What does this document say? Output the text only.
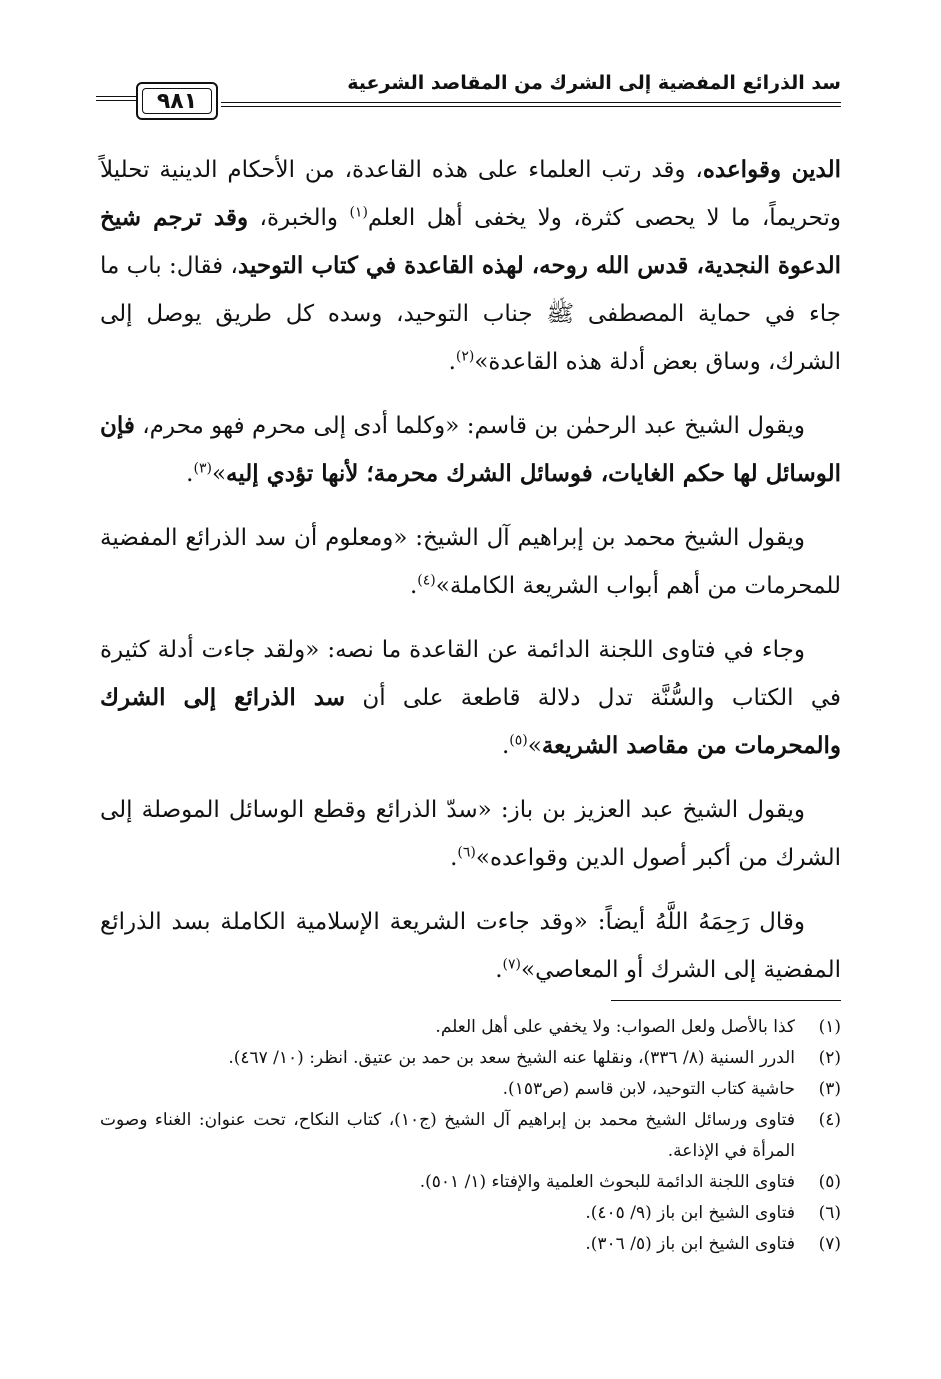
سد الذرائع المفضية إلى الشرك من المقاصد الشرعية
٩٨١

الدين وقواعده، وقد رتب العلماء على هذه القاعدة، من الأحكام الدينية تحليلاً وتحريماً، ما لا يحصى كثرة، ولا يخفى أهل العلم$^{(١)}$ والخبرة، وقد ترجم شيخ الدعوة النجدية، قدس الله روحه، لهذه القاعدة في كتاب التوحيد، فقال: باب ما جاء في حماية المصطفى ﷺ جناب التوحيد، وسده كل طريق يوصل إلى الشرك، وساق بعض أدلة هذه القاعدة»$^{(٢)}$.

ويقول الشيخ عبد الرحمٰن بن قاسم: «وكلما أدى إلى محرم فهو محرم، فإن الوسائل لها حكم الغايات، فوسائل الشرك محرمة؛ لأنها تؤدي إليه»$^{(٣)}$.

ويقول الشيخ محمد بن إبراهيم آل الشيخ: «ومعلوم أن سد الذرائع المفضية للمحرمات من أهم أبواب الشريعة الكاملة»$^{(٤)}$.

وجاء في فتاوى اللجنة الدائمة عن القاعدة ما نصه: «ولقد جاءت أدلة كثيرة في الكتاب والسُّنَّة تدل دلالة قاطعة على أن سد الذرائع إلى الشرك والمحرمات من مقاصد الشريعة»$^{(٥)}$.

ويقول الشيخ عبد العزيز بن باز: «سدّ الذرائع وقطع الوسائل الموصلة إلى الشرك من أكبر أصول الدين وقواعده»$^{(٦)}$.

وقال رَحِمَهُ اللَّهُ أيضاً: «وقد جاءت الشريعة الإسلامية الكاملة بسد الذرائع المفضية إلى الشرك أو المعاصي»$^{(٧)}$.

(١)
كذا بالأصل ولعل الصواب: ولا يخفي على أهل العلم.
(٢)
الدرر السنية (٨/ ٣٣٦)، ونقلها عنه الشيخ سعد بن حمد بن عتيق. انظر: (١٠/ ٤٦٧).
(٣)
حاشية كتاب التوحيد، لابن قاسم (ص١٥٣).
(٤)
فتاوى ورسائل الشيخ محمد بن إبراهيم آل الشيخ (ج١٠)، كتاب النكاح، تحت عنوان: الغناء وصوت المرأة في الإذاعة.
(٥)
فتاوى اللجنة الدائمة للبحوث العلمية والإفتاء (١/ ٥٠١).
(٦)
فتاوى الشيخ ابن باز (٩/ ٤٠٥).
(٧)
فتاوى الشيخ ابن باز (٥/ ٣٠٦).
